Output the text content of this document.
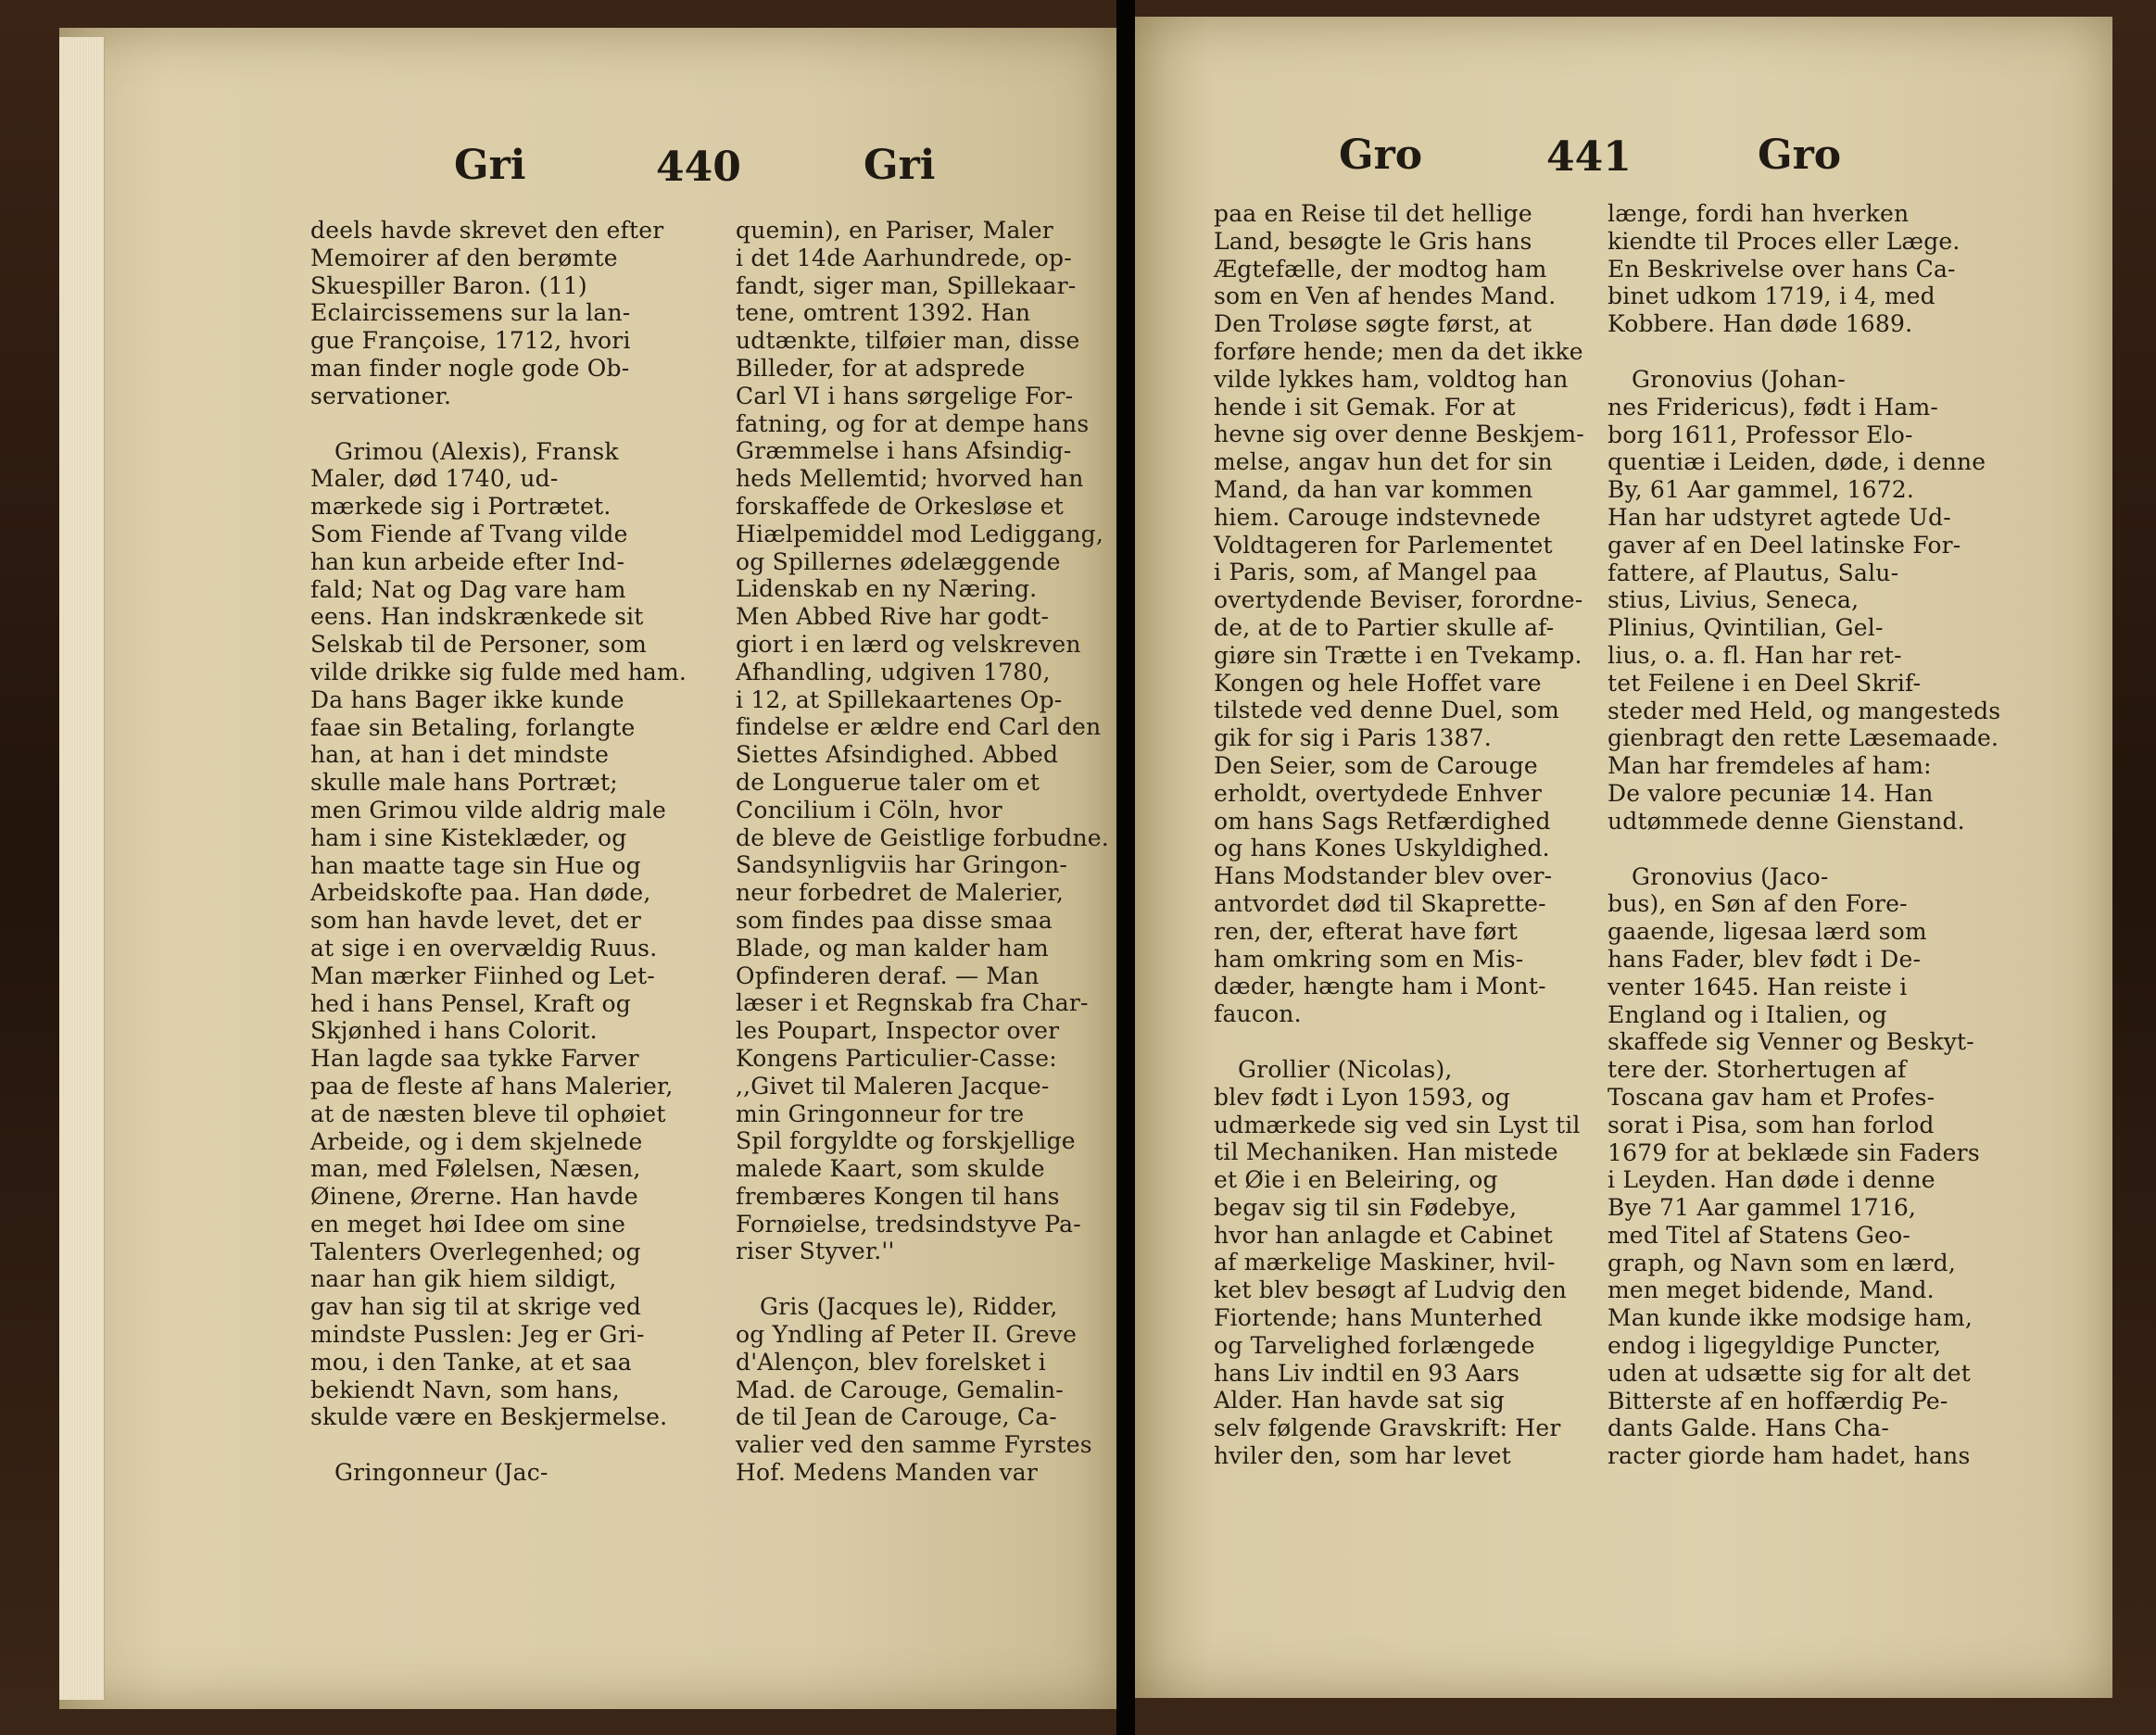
Gri	440	Gri

deels havde skrevet den efter

Memoirer af den berømte

Skuespiller Baron. (11)

Eclaircissemens sur la lan-

gue Françoise, 1712, hvori

man finder nogle gode Ob-

servationer.

Grimou (Alexis), Fransk

Maler, død 1740, ud-

mærkede sig i Portrætet.

Som Fiende af Tvang vilde

han kun arbeide efter Ind-

fald; Nat og Dag vare ham

eens. Han indskrænkede sit

Selskab til de Personer, som

vilde drikke sig fulde med ham.

Da hans Bager ikke kunde

faae sin Betaling, forlangte

han, at han i det mindste

skulle male hans Portræt;

men Grimou vilde aldrig male

ham i sine Kisteklæder, og

han maatte tage sin Hue og

Arbeidskofte paa. Han døde,

som han havde levet, det er

at sige i en overvældig Ruus.

Man mærker Fiinhed og Let-

hed i hans Pensel, Kraft og

Skjønhed i hans Colorit.

Han lagde saa tykke Farver

paa de fleste af hans Malerier,

at de næsten bleve til ophøiet

Arbeide, og i dem skjelnede

man, med Følelsen, Næsen,

Øinene, Ørerne. Han havde

en meget høi Idee om sine

Talenters Overlegenhed; og

naar han gik hiem sildigt,

gav han sig til at skrige ved

mindste Pusslen: Jeg er Gri-

mou, i den Tanke, at et saa

bekiendt Navn, som hans,

skulde være en Beskjermelse.

Gringonneur (Jac-

quemin), en Pariser, Maler

i det 14de Aarhundrede, op-

fandt, siger man, Spillekaar-

tene, omtrent 1392. Han

udtænkte, tilføier man, disse

Billeder, for at adsprede

Carl VI i hans sørgelige For-

fatning, og for at dempe hans

Græmmelse i hans Afsindig-

heds Mellemtid; hvorved han

forskaffede de Orkesløse et

Hiælpemiddel mod Lediggang,

og Spillernes ødelæggende

Lidenskab en ny Næring.

Men Abbed Rive har godt-

giort i en lærd og velskreven

Afhandling, udgiven 1780,

i 12, at Spillekaartenes Op-

findelse er ældre end Carl den

Siettes Afsindighed. Abbed

de Longuerue taler om et

Concilium i Cöln, hvor

de bleve de Geistlige forbudne.

Sandsynligviis har Gringon-

neur forbedret de Malerier,

som findes paa disse smaa

Blade, og man kalder ham

Opfinderen deraf. — Man

læser i et Regnskab fra Char-

les Poupart, Inspector over

Kongens Particulier-Casse:

,,Givet til Maleren Jacque-

min Gringonneur for tre

Spil forgyldte og forskjellige

malede Kaart, som skulde

frembæres Kongen til hans

Fornøielse, tredsindstyve Pa-

riser Styver.''

Gris (Jacques le), Ridder,

og Yndling af Peter II. Greve

d'Alençon, blev forelsket i

Mad. de Carouge, Gemalin-

de til Jean de Carouge, Ca-

valier ved den samme Fyrstes

Hof. Medens Manden var

Gro	441	Gro

paa en Reise til det hellige

Land, besøgte le Gris hans

Ægtefælle, der modtog ham

som en Ven af hendes Mand.

Den Troløse søgte først, at

forføre hende; men da det ikke

vilde lykkes ham, voldtog han

hende i sit Gemak. For at

hevne sig over denne Beskjem-

melse, angav hun det for sin

Mand, da han var kommen

hiem. Carouge indstevnede

Voldtageren for Parlementet

i Paris, som, af Mangel paa

overtydende Beviser, forordne-

de, at de to Partier skulle af-

giøre sin Trætte i en Tvekamp.

Kongen og hele Hoffet vare

tilstede ved denne Duel, som

gik for sig i Paris 1387.

Den Seier, som de Carouge

erholdt, overtydede Enhver

om hans Sags Retfærdighed

og hans Kones Uskyldighed.

Hans Modstander blev over-

antvordet død til Skaprette-

ren, der, efterat have ført

ham omkring som en Mis-

dæder, hængte ham i Mont-

faucon.

Grollier (Nicolas),

blev født i Lyon 1593, og

udmærkede sig ved sin Lyst til

til Mechaniken. Han mistede

et Øie i en Beleiring, og

begav sig til sin Fødebye,

hvor han anlagde et Cabinet

af mærkelige Maskiner, hvil-

ket blev besøgt af Ludvig den

Fiortende; hans Munterhed

og Tarvelighed forlængede

hans Liv indtil en 93 Aars

Alder. Han havde sat sig

selv følgende Gravskrift: Her

hviler den, som har levet

længe, fordi han hverken

kiendte til Proces eller Læge.

En Beskrivelse over hans Ca-

binet udkom 1719, i 4, med

Kobbere. Han døde 1689.

Gronovius (Johan-

nes Fridericus), født i Ham-

borg 1611, Professor Elo-

quentiæ i Leiden, døde, i denne

By, 61 Aar gammel, 1672.

Han har udstyret agtede Ud-

gaver af en Deel latinske For-

fattere, af Plautus, Salu-

stius, Livius, Seneca,

Plinius, Qvintilian, Gel-

lius, o. a. fl. Han har ret-

tet Feilene i en Deel Skrif-

steder med Held, og mangesteds

gienbragt den rette Læsemaade.

Man har fremdeles af ham:

De valore pecuniæ 14. Han

udtømmede denne Gienstand.

Gronovius (Jaco-

bus), en Søn af den Fore-

gaaende, ligesaa lærd som

hans Fader, blev født i De-

venter 1645. Han reiste i

England og i Italien, og

skaffede sig Venner og Beskyt-

tere der. Storhertugen af

Toscana gav ham et Profes-

sorat i Pisa, som han forlod

1679 for at beklæde sin Faders

i Leyden. Han døde i denne

Bye 71 Aar gammel 1716,

med Titel af Statens Geo-

graph, og Navn som en lærd,

men meget bidende, Mand.

Man kunde ikke modsige ham,

endog i ligegyldige Puncter,

uden at udsætte sig for alt det

Bitterste af en hoffærdig Pe-

dants Galde. Hans Cha-

racter giorde ham hadet, hans
